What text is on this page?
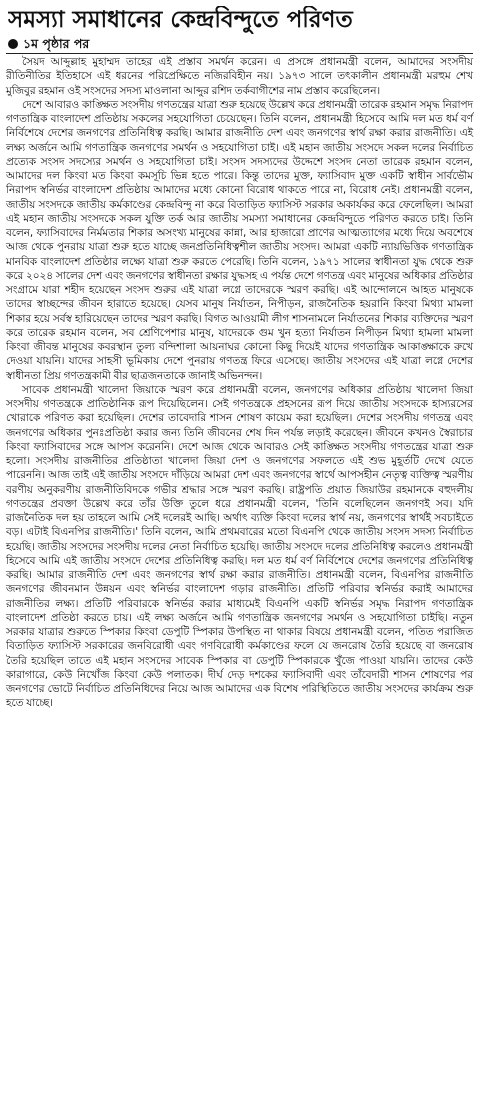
সমস্যা সমাধানের কেন্দ্রবিন্দুতে পরিণত
১ম পৃষ্ঠার পর

সৈয়দ আব্দুল্লাহ মুহাম্মদ তাহের এই প্রস্তাব সমর্থন করেন। এ প্রসঙ্গে প্রধানমন্ত্রী বলেন, আমাদের সংসদীয় রীতিনীতির ইতিহাসে এই ধরনের পরিপ্রেক্ষিতে নজিরবিহীন নয়। ১৯৭৩ সালে তৎকালীন প্রধানমন্ত্রী মরহুম শেখ মুজিবুর রহমান ওই সংসদের সদস্য মাওলানা আব্দুর রশিদ তর্কবাগীশের নাম প্রস্তাব করেছিলেন।

দেশে আবারও কাঙ্ক্ষিত সংসদীয় গণতন্ত্রের যাত্রা শুরু হয়েছে উল্লেখ করে প্রধানমন্ত্রী তারেক রহমান সমৃদ্ধ নিরাপদ গণতান্ত্রিক বাংলাদেশ প্রতিষ্ঠায় সকলের সহযোগিতা চেয়েছেন। তিনি বলেন, প্রধানমন্ত্রী হিসেবে আমি দল মত ধর্ম বর্ণ নির্বিশেষে দেশের জনগণের প্রতিনিধিত্ব করছি। আমার রাজনীতি দেশ এবং জনগণের স্বার্থ রক্ষা করার রাজনীতি। এই লক্ষ্য অর্জনে আমি গণতান্ত্রিক জনগণের সমর্থন ও সহযোগিতা চাই। এই মহান জাতীয় সংসদে সকল দলের নির্বাচিত প্রত্যেক সংসদ সদস্যের সমর্থন ও সহযোগিতা চাই। সংসদ সদস্যদের উদ্দেশে সংসদ নেতা তারেক রহমান বলেন, আমাদের দল কিংবা মত কিংবা কমসূচি ভিন্ন হতে পারে। কিন্তু তাদের মুক্ত, ফ্যাসিবাদ মুক্ত একটি স্বাধীন সার্বভৌম নিরাপদ স্বনির্ভর বাংলাদেশ প্রতিষ্ঠায় আমাদের মধ্যে কোনো বিরোধ থাকতে পারে না, বিরোধ নেই। প্রধানমন্ত্রী বলেন, জাতীয় সংসদকে জাতীয় কর্মকাণ্ডের কেন্দ্রবিন্দু না করে বিতাড়িত ফ্যাসিস্ট সরকার অকার্যকর করে ফেলেছিল। আমরা এই মহান জাতীয় সংসদকে সকল যুক্তি তর্ক আর জাতীয় সমস্যা সমাধানের কেন্দ্রবিন্দুতে পরিণত করতে চাই। তিনি বলেন, ফ্যাসিবাদের নির্মমতার শিকার অসংখ্য মানুষের কান্না, আর হাজারো প্রাণের আত্মত্যাগের মধ্যে দিয়ে অবশেষে আজ থেকে পুনরায় যাত্রা শুরু হতে যাচ্ছে জনপ্রতিনিধিত্বশীল জাতীয় সংসদ। আমরা একটি ন্যায়ভিত্তিক গণতান্ত্রিক মানবিক বাংলাদেশ প্রতিষ্ঠার লক্ষ্যে যাত্রা শুরু করতে পেরেছি। তিনি বলেন, ১৯৭১ সালের স্বাধীনতা যুদ্ধ থেকে শুরু করে ২০২৪ সালের দেশ এবং জনগণের স্বাধীনতা রক্ষার যুদ্ধসহ এ পর্যন্ত দেশে গণতন্ত্র এবং মানুষের অধিকার প্রতিষ্ঠার সংগ্রামে যারা শহীদ হয়েছেন সংসদ শুরুর এই যাত্রা লগ্নে তাদেরকে স্মরণ করছি। এই আন্দোলনে আহত মানুষকে তাদের স্বাচ্ছন্দের জীবন হারাতে হয়েছে। যেসব মানুষ নির্যাতন, নিপীড়ন, রাজনৈতিক হয়রানি কিংবা মিথ্যা মামলা শিকার হয়ে সর্বস্ব হারিয়েছেন তাদের স্মরণ করছি। বিগত আওয়ামী লীগ শাসনামলে নির্যাতনের শিকার ব্যক্তিদের স্মরণ করে তারেক রহমান বলেন, সব শ্রেণিপেশার মানুষ, যাদেরকে গুম খুন হত্যা নির্যাতন নিপীড়ন মিথ্যা হামলা মামলা কিংবা জীবন্ত মানুষের কবরস্থান তুল্য বন্দিশালা আয়নাঘর কোনো কিছু দিয়েই যাদের গণতান্ত্রিক আকাঙ্ক্ষাকে রুখে দেওয়া যায়নি। যাদের সাহসী ভূমিকায় দেশে পুনরায় গণতন্ত্র ফিরে এসেছে। জাতীয় সংসদের এই যাত্রা লগ্নে দেশের স্বাধীনতা প্রিয় গণতন্ত্রকামী বীর ছাত্রজনতাকে জানাই অভিনন্দন।

সাবেক প্রধানমন্ত্রী খালেদা জিয়াকে স্মরণ করে প্রধানমন্ত্রী বলেন, জনগণের অধিকার প্রতিষ্ঠায় খালেদা জিয়া সংসদীয় গণতন্ত্রকে প্রাতিষ্ঠানিক রূপ দিয়েছিলেন। সেই গণতন্ত্রকে প্রহসনের রূপ দিয়ে জাতীয় সংসদকে হাস্যরসের খোরাকে পরিণত করা হয়েছিল। দেশের তাবেদারি শাসন শোষণ কায়েম করা হয়েছিল। দেশের সংসদীয় গণতন্ত্র এবং জনগণের অধিকার পুনঃপ্রতিষ্ঠা করার জন্য তিনি জীবনের শেষ দিন পর্যন্ত লড়াই করেছেন। জীবনে কখনও স্বৈরাচার কিংবা ফ্যাসিবাদের সঙ্গে আপস করেননি। দেশে আজ থেকে আবারও সেই কাঙ্ক্ষিত সংসদীয় গণতন্ত্রের যাত্রা শুরু হলো। সংসদীয় রাজনীতির প্রতিষ্ঠাতা খালেদা জিয়া দেশ ও জনগণের সফলতে এই শুভ মুহূর্তটি দেখে যেতে পারেননি। আজ তাই এই জাতীয় সংসদে দাঁড়িয়ে আমরা দেশ এবং জনগণের স্বার্থে আপসহীন নেতৃত্ব ব্যক্তিত্ব স্মরণীয় বরণীয় অনুকরণীয় রাজনীতিবিদকে গভীর শ্রদ্ধার সঙ্গে স্মরণ করছি। রাষ্ট্রপতি প্রয়াত জিয়াউর রহমানকে বহুদলীয় গণতন্ত্রের প্রবক্তা উল্লেখ করে তাঁর উক্তি তুলে ধরে প্রধানমন্ত্রী বলেন, 'তিনি বলেছিলেন জনগণই সব। যদি রাজনৈতিক দল হয় তাহলে আমি সেই দলেরই আছি। অর্থাৎ ব্যক্তি কিংবা দলের স্বার্থ নয়, জনগণের স্বার্থই সবচাইতে বড়। এটাই বিএনপির রাজনীতি।' তিনি বলেন, আমি প্রথমবারের মতো বিএনপি থেকে জাতীয় সংসদ সদস্য নির্বাচিত হয়েছি। জাতীয় সংসদের সংসদীয় দলের নেতা নির্বাচিত হয়েছি। জাতীয় সংসদে দলের প্রতিনিধিত্ব করলেও প্রধানমন্ত্রী হিসেবে আমি এই জাতীয় সংসদে দেশের প্রতিনিধিত্ব করছি। দল মত ধর্ম বর্ণ নির্বিশেষে দেশের জনগণের প্রতিনিধিত্ব করছি। আমার রাজনীতি দেশ এবং জনগণের স্বার্থ রক্ষা করার রাজনীতি। প্রধানমন্ত্রী বলেন, বিএনপির রাজনীতি জনগণের জীবনমান উন্নয়ন এবং স্বনির্ভর বাংলাদেশ গড়ার রাজনীতি। প্রতিটি পরিবার স্বনির্ভর করাই আমাদের রাজনীতির লক্ষ্য। প্রতিটি পরিবারকে স্বনির্ভর করার মাধ্যমেই বিএনপি একটি স্বনির্ভর সমৃদ্ধ নিরাপদ গণতান্ত্রিক বাংলাদেশ প্রতিষ্ঠা করতে চায়। এই লক্ষ্য অর্জনে আমি গণতান্ত্রিক জনগণের সমর্থন ও সহযোগিতা চাইছি। নতুন সরকার যাত্রার শুরুতে স্পিকার কিংবা ডেপুটি স্পিকার উপস্থিত না থাকার বিষয়ে প্রধানমন্ত্রী বলেন, পতিত পরাজিত বিতাড়িত ফ্যাসিস্ট সরকারের জনবিরোধী এবং গণবিরোধী কর্মকাণ্ডের ফলে যে জনরোষ তৈরি হয়েছে বা জনরোষ তৈরি হয়েছিল তাতে এই মহান সংসদের সাবেক স্পিকার বা ডেপুটি স্পিকারকে খুঁজে পাওয়া যায়নি। তাদের কেউ কারাগারে, কেউ নিখোঁজ কিংবা কেউ পলাতক। দীর্ঘ দেড় দশকের ফ্যাসিবাদী এবং তাঁবেদারী শাসন শোষণের পর জনগণের ভোটে নির্বাচিত প্রতিনিধিদের নিয়ে আজ আমাদের এক বিশেষ পরিস্থিতিতে জাতীয় সংসদের কার্যক্রম শুরু হতে যাচ্ছে।
